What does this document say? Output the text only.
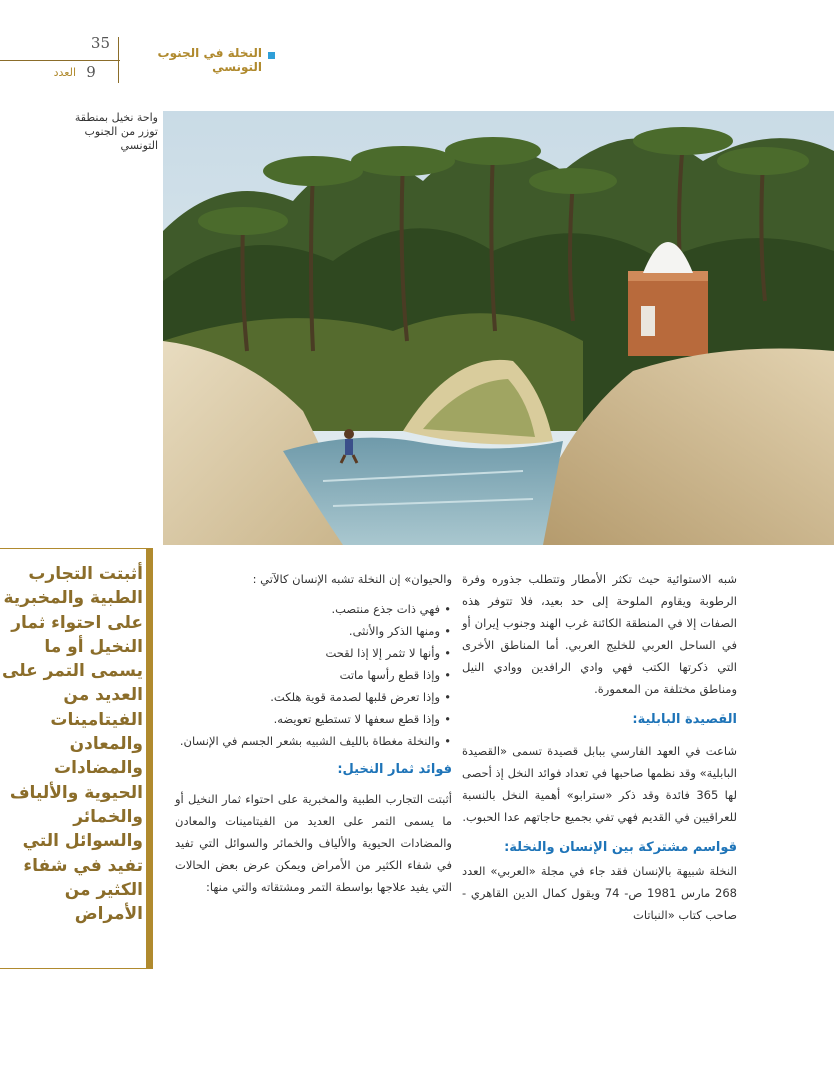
35
9
العدد
النخلة في الجنوب التونسي
واحة نخيل بمنطقة توزر من الجنوب التونسي
أثبتت التجارب الطبية والمخبرية على احتواء ثمار النخيل أو ما يسمى التمر على العديد من الفيتامينات والمعادن والمضادات الحيوية والألياف والخمائر والسوائل التي تفيد في شفاء الكثير من الأمراض

شبه الاستوائية حيث تكثر الأمطار وتتطلب جذوره وفرة الرطوبة ويقاوم الملوحة إلى حد بعيد، فلا تتوفر هذه الصفات إلا في المنطقة الكائنة غرب الهند وجنوب إيران أو في الساحل العربي للخليج العربي. أما المناطق الأخرى التي ذكرتها الكتب فهي وادي الرافدين ووادي النيل ومناطق مختلفة من المعمورة.

القصيدة البابلية:

شاعت في العهد الفارسي ببابل قصيدة تسمى «القصيدة البابلية» وقد نظمها صاحبها في تعداد فوائد النخل إذ أحصى لها 365 فائدة وقد ذكر «سترابو» أهمية النخل بالنسبة للعراقيين في القديم فهي تفي بجميع حاجاتهم عدا الحبوب.

قواسم مشتركة بين الإنسان والنخلة:

النخلة شبيهة بالإنسان فقد جاء في مجلة «العربي» العدد 268 مارس 1981 ص- 74 ويقول كمال الدين القاهري - صاحب كتاب «النباتات

والحيوان» إن النخلة تشبه الإنسان كالآتي :

• فهي ذات جذع منتصب.
• ومنها الذكر والأنثى.
• وأنها لا تثمر إلا إذا لقحت
• وإذا قطع رأسها ماتت
• وإذا تعرض قلبها لصدمة قوية هلكت.
• وإذا قطع سعفها لا تستطيع تعويضه.
• والنخلة مغطاة بالليف الشبيه بشعر الجسم في الإنسان.
فوائد ثمار النخيل:

أثبتت التجارب الطبية والمخبرية على احتواء ثمار النخيل أو ما يسمى التمر على العديد من الفيتامينات والمعادن والمضادات الحيوية والألياف والخمائر والسوائل التي تفيد في شفاء الكثير من الأمراض ويمكن عرض بعض الحالات التي يفيد علاجها بواسطة التمر ومشتقاته والتي منها:
